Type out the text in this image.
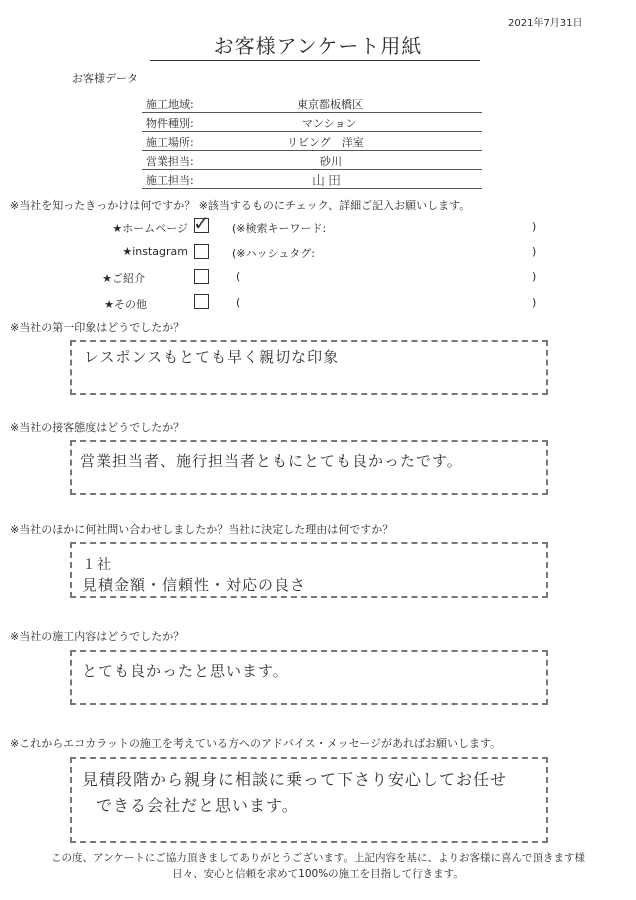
2021年7月31日
お客様アンケート用紙
お客様データ
施工地域:	東京都板橋区
物件種別:	マンション
施工場所:	リビング　洋室
営業担当:	砂川
施工担当:	山田
※当社を知ったきっかけは何ですか？ ※該当するものにチェック、詳細ご記入お願いします。
★ホームページ ✓ (※検索キーワード:	)
★instagram	(※ハッシュタグ:	)
★ご紹介	(	)
★その他	(	)
※当社の第一印象はどうでしたか？
レスポンスもとても早く親切な印象
※当社の接客態度はどうでしたか？
営業担当者、施行担当者ともにとても良かったです。
※当社のほかに何社問い合わせしましたか？当社に決定した理由は何ですか？
１社
見積金額・信頼性・対応の良さ
※当社の施工内容はどうでしたか？
とても良かったと思います。
※これからエコカラットの施工を考えている方へのアドバイス・メッセージがあればお願いします。
見積段階から親身に相談に乗って下さり安心してお任せ
できる会社だと思います。
この度、アンケートにご協力頂きましてありがとうございます。上記内容を基に、よりお客様に喜んで頂きます様
日々、安心と信頼を求めて100%の施工を目指して行きます。
